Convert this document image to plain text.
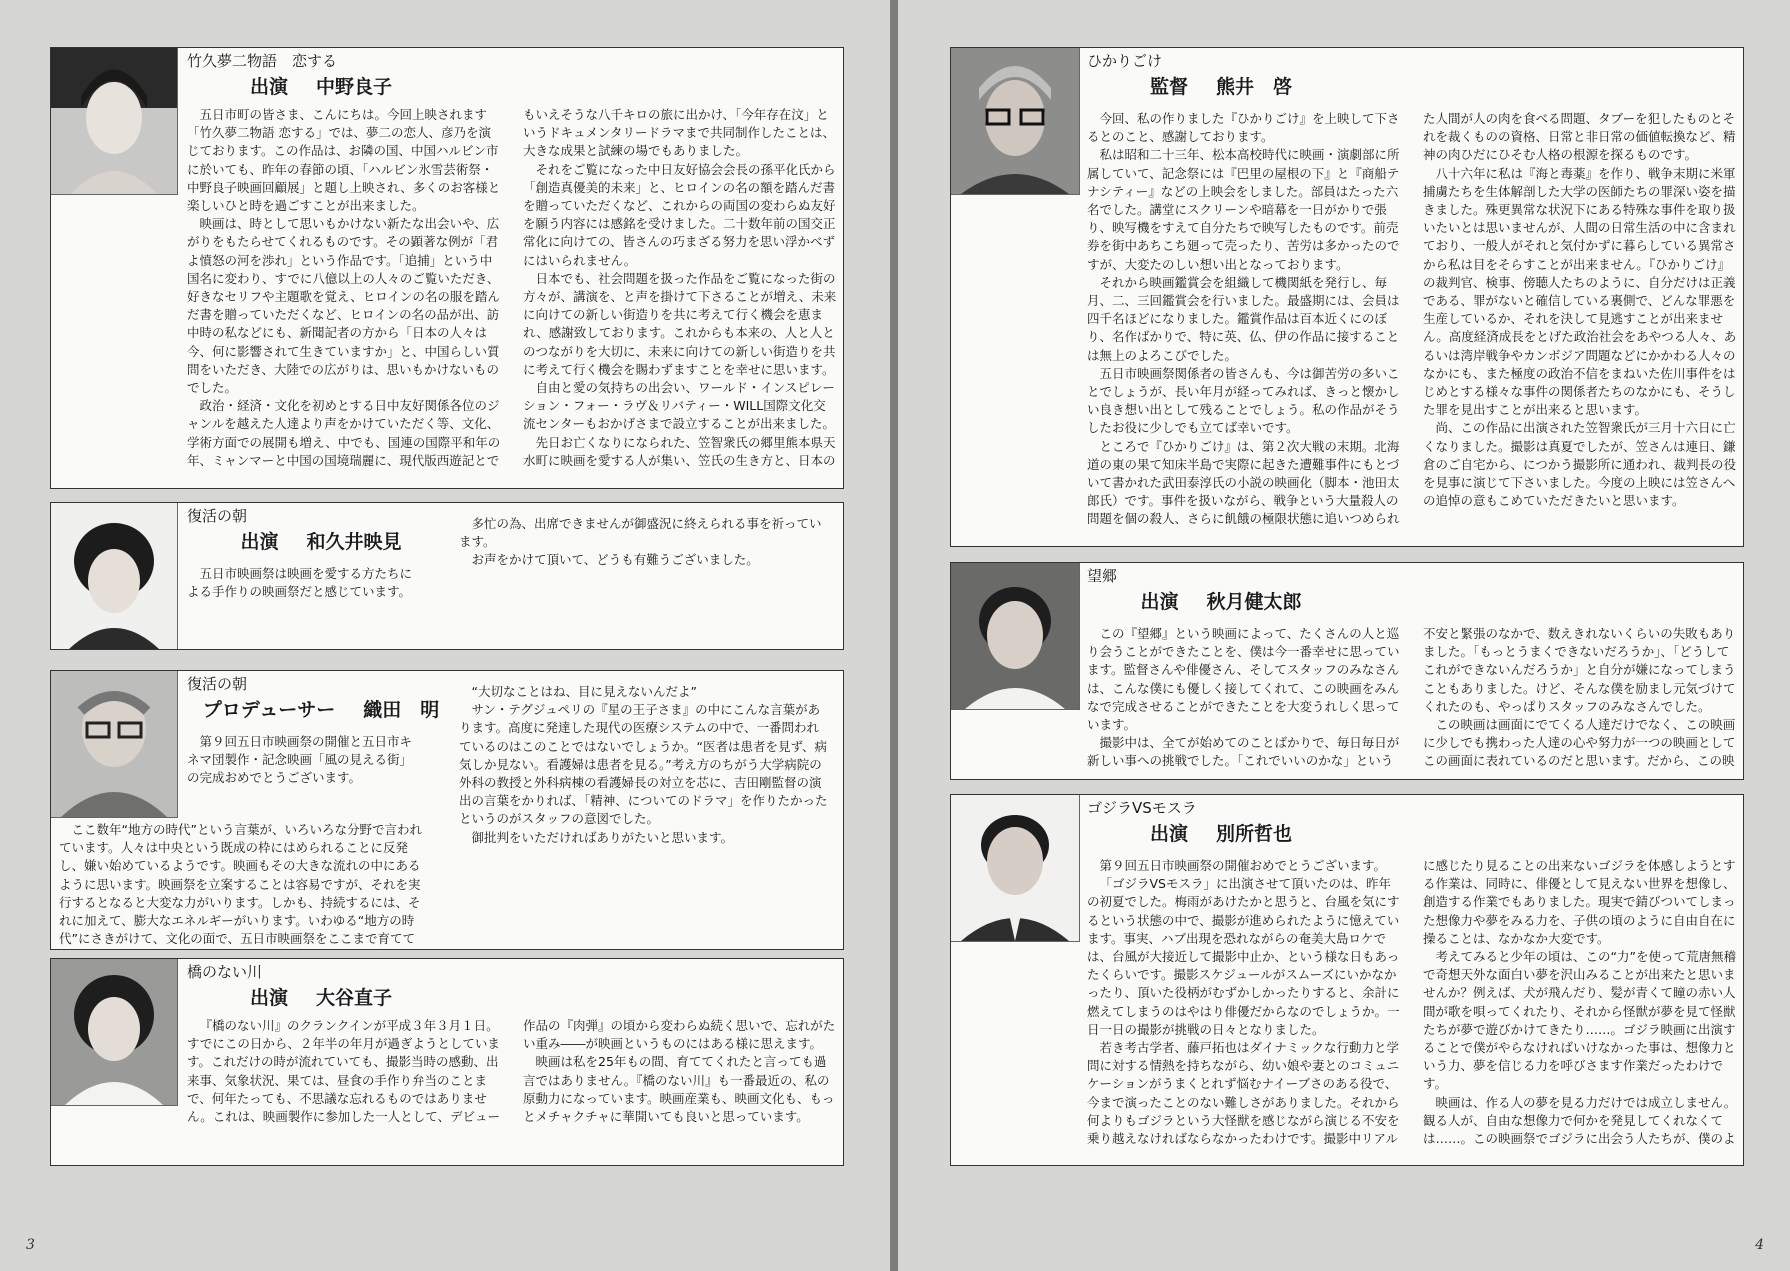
竹久夢二物語　恋する
出演 中野良子

五日市町の皆さま、こんにちは。今回上映されます「竹久夢二物語 恋する」では、夢二の恋人、彦乃を演じております。この作品は、お隣の国、中国ハルビン市に於いても、昨年の春節の頃、「ハルビン氷雪芸術祭・中野良子映画回顧展」と題し上映され、多くのお客様と楽しいひと時を過ごすことが出来ました。

映画は、時として思いもかけない新たな出会いや、広がりをもたらせてくれるものです。その顕著な例が「君よ憤怒の河を渉れ」という作品です。「追捕」という中国名に変わり、すでに八億以上の人々のご覧いただき、好きなセリフや主題歌を覚え、ヒロインの名の服を踏んだ書を贈っていただくなど、ヒロインの名の品が出、訪中時の私などにも、新聞記者の方から「日本の人々は今、何に影響されて生きていますか」と、中国らしい質問をいただき、大陸での広がりは、思いもかけないものでした。

政治・経済・文化を初めとする日中友好関係各位のジャンルを越えた人達より声をかけていただく等、文化、学術方面での展開も増え、中でも、国連の国際平和年の年、ミャンマーと中国の国境瑞麗に、現代版西遊記とでもいえそうな八千キロの旅に出かけ、「今年存在汶」というドキュメンタリードラマまで共同制作したことは、大きな成果と試練の場でもありました。

それをご覧になった中日友好協会会長の孫平化氏から「創造真優美的未来」と、ヒロインの名の額を踏んだ書を贈っていただくなど、これからの両国の変わらぬ友好を願う内容には感銘を受けました。二十数年前の国交正常化に向けての、皆さんの巧まざる努力を思い浮かべずにはいられません。

日本でも、社会問題を扱った作品をご覧になった街の方々が、講演を、と声を掛けて下さることが増え、未来に向けての新しい街造りを共に考えて行く機会を恵まれ、感謝致しております。これからも本来の、人と人とのつながりを大切に、未来に向けての新しい街造りを共に考えて行く機会を賜わずますことを幸せに思います。

自由と愛の気持ちの出会い、ワールド・インスピレーション・フォー・ラヴ＆リバティー・WILL国際文化交流センターもおかげさまで設立することが出来ました。

先日お亡くなりになられた、笠智衆氏の郷里熊本県天水町に映画を愛する人が集い、笠氏の生き方と、日本の

復活の朝
出演 和久井映見

五日市映画祭は映画を愛する方たちによる手作りの映画祭だと感じています。

多忙の為、出席できませんが御盛況に終えられる事を祈っています。

お声をかけて頂いて、どうも有難うございました。

復活の朝
プロデューサー 織田　明

第９回五日市映画祭の開催と五日市キネマ団製作・記念映画「風の見える街」の完成おめでとうございます。

ここ数年“地方の時代”という言葉が、いろいろな分野で言われています。人々は中央という既成の枠にはめられることに反発し、嫌い始めているようです。映画もその大きな流れの中にあるように思います。映画祭を立案することは容易ですが、それを実行するとなると大変な力がいります。しかも、持続するには、それに加えて、膨大なエネルギーがいります。いわゆる“地方の時代”にさきがけて、文化の面で、五日市映画祭をここまで育てて

“大切なことはね、目に見えないんだよ”

サン・テグジュペリの『星の王子さま』の中にこんな言葉があります。高度に発達した現代の医療システムの中で、一番問われているのはこのことではないでしょうか。“医者は患者を見ず、病気しか見ない。看護婦は患者を見る。”考え方のちがう大学病院の外科の教授と外科病棟の看護婦長の対立を芯に、吉田剛監督の演出の言葉をかりれば、「精神、についてのドラマ」を作りたかったというのがスタッフの意図でした。

御批判をいただければありがたいと思います。

橋のない川
出演 大谷直子

『橋のない川』のクランクインが平成３年３月１日。すでにこの日から、２年半の年月が過ぎようとしています。これだけの時が流れていても、撮影当時の感動、出来事、気象状況、果ては、昼食の手作り弁当のことまで、何年たっても、不思議な忘れるものではありません。これは、映画製作に参加した一人として、デビュー作品の『肉弾』の頃から変わらぬ続く思いで、忘れがたい重み――が映画というものにはある様に思えます。

映画は私を25年もの間、育ててくれたと言っても過言ではありません。『橋のない川』も一番最近の、私の原動力になっています。映画産業も、映画文化も、もっとメチャクチャに華開いても良いと思っています。

ひかりごけ
監督 熊井　啓

今回、私の作りました『ひかりごけ』を上映して下さるとのこと、感謝しております。

私は昭和二十三年、松本高校時代に映画・演劇部に所属していて、記念祭には『巴里の屋根の下』と『商船テナシティー』などの上映会をしました。部員はたった六名でした。講堂にスクリーンや暗幕を一日がかりで張り、映写機をすえて自分たちで映写したものです。前売券を街中あちこち廻って売ったり、苦労は多かったのですが、大変たのしい想い出となっております。

それから映画鑑賞会を組織して機関紙を発行し、毎月、二、三回鑑賞会を行いました。最盛期には、会員は四千名ほどになりました。鑑賞作品は百本近くにのぼり、名作ばかりで、特に英、仏、伊の作品に接することは無上のよろこびでした。

五日市映画祭関係者の皆さんも、今は御苦労の多いことでしょうが、長い年月が経ってみれば、きっと懐かしい良き想い出として残ることでしょう。私の作品がそうしたお役に少しでも立てば幸いです。

ところで『ひかりごけ』は、第２次大戦の末期。北海道の東の果て知床半島で実際に起きた遭難事件にもとづいて書かれた武田泰淳氏の小説の映画化（脚本・池田太郎氏）です。事件を扱いながら、戦争という大量殺人の問題を個の殺人、さらに飢餓の極限状態に追いつめられた人間が人の肉を食べる問題、タブーを犯したものとそれを裁くものの資格、日常と非日常の価値転換など、精神の肉ひだにひそむ人格の根源を探るものです。

八十六年に私は『海と毒薬』を作り、戦争末期に米軍捕虜たちを生体解剖した大学の医師たちの罪深い姿を描きました。殊更異常な状況下にある特殊な事件を取り扱いたいとは思いませんが、人間の日常生活の中に含まれており、一般人がそれと気付かずに暮らしている異常さから私は目をそらすことが出来ません。『ひかりごけ』の裁判官、検事、傍聴人たちのように、自分だけは正義である、罪がないと確信している裏側で、どんな罪悪を生産しているか、それを決して見逃すことが出来ません。高度経済成長をとげた政治社会をあやつる人々、あるいは湾岸戦争やカンボジア問題などにかかわる人々のなかにも、また極度の政治不信をまねいた佐川事件をはじめとする様々な事件の関係者たちのなかにも、そうした罪を見出すことが出来ると思います。

尚、この作品に出演された笠智衆氏が三月十六日に亡くなりました。撮影は真夏でしたが、笠さんは連日、鎌倉のご自宅から、につかう撮影所に通われ、裁判長の役を見事に演じて下さいました。今度の上映には笠さんへの追悼の意もこめていただきたいと思います。

望郷
出演 秋月健太郎

この『望郷』という映画によって、たくさんの人と巡り会うことができたことを、僕は今一番幸せに思っています。監督さんや俳優さん、そしてスタッフのみなさんは、こんな僕にも優しく接してくれて、この映画をみんなで完成させることができたことを大変うれしく思っています。

撮影中は、全てが始めてのことばかりで、毎日毎日が新しい事への挑戦でした。「これでいいのかな」という不安と緊張のなかで、数えきれないくらいの失敗もありました。「もっとうまくできないだろうか」、「どうしてこれができないんだろうか」と自分が嫌になってしまうこともありました。けど、そんな僕を励まし元気づけてくれたのも、やっぱりスタッフのみなさんでした。

この映画は画面にでてくる人達だけでなく、この映画に少しでも携わった人達の心や努力が一つの映画としてこの画面に表れているのだと思います。だから、この映

ゴジラVSモスラ
出演 別所哲也

第９回五日市映画祭の開催おめでとうございます。

「ゴジラVSモスラ」に出演させて頂いたのは、昨年の初夏でした。梅雨があけたかと思うと、台風を気にするという状態の中で、撮影が進められたように憶えています。事実、ハブ出現を恐れながらの奄美大島ロケでは、台風が大接近して撮影中止か、という様な日もあったくらいです。撮影スケジュールがスムーズにいかなかったり、頂いた役柄がむずかしかったりすると、余計に燃えてしまうのはやはり俳優だからなのでしょうか。一日一日の撮影が挑戦の日々となりました。

若き考古学者、藤戸拓也はダイナミックな行動力と学問に対する情熱を持ちながら、幼い娘や妻とのコミュニケーションがうまくとれず悩むナイーブさのある役で、今まで演ったことのない難しさがありました。それから何よりもゴジラという大怪獣を感じながら演じる不安を乗り越えなければならなかったわけです。撮影中リアルに感じたり見ることの出来ないゴジラを体感しようとする作業は、同時に、俳優として見えない世界を想像し、創造する作業でもありました。現実で錆びついてしまった想像力や夢をみる力を、子供の頃のように自由自在に操ることは、なかなか大変です。

考えてみると少年の頃は、この“力”を使って荒唐無稽で奇想天外な面白い夢を沢山みることが出来たと思いませんか？例えば、犬が飛んだり、髪が青くて瞳の赤い人間が歌を唄ってくれたり、それから怪獣が夢を見て怪獣たちが夢で遊びかけてきたり……。ゴジラ映画に出演することで僕がやらなければいけなかった事は、想像力という力、夢を信じる力を呼びさます作業だったわけです。

映画は、作る人の夢を見る力だけでは成立しません。観る人が、自由な想像力で何かを発見してくれなくては……。この映画祭でゴジラに出会う人たちが、僕のよ

3	4
